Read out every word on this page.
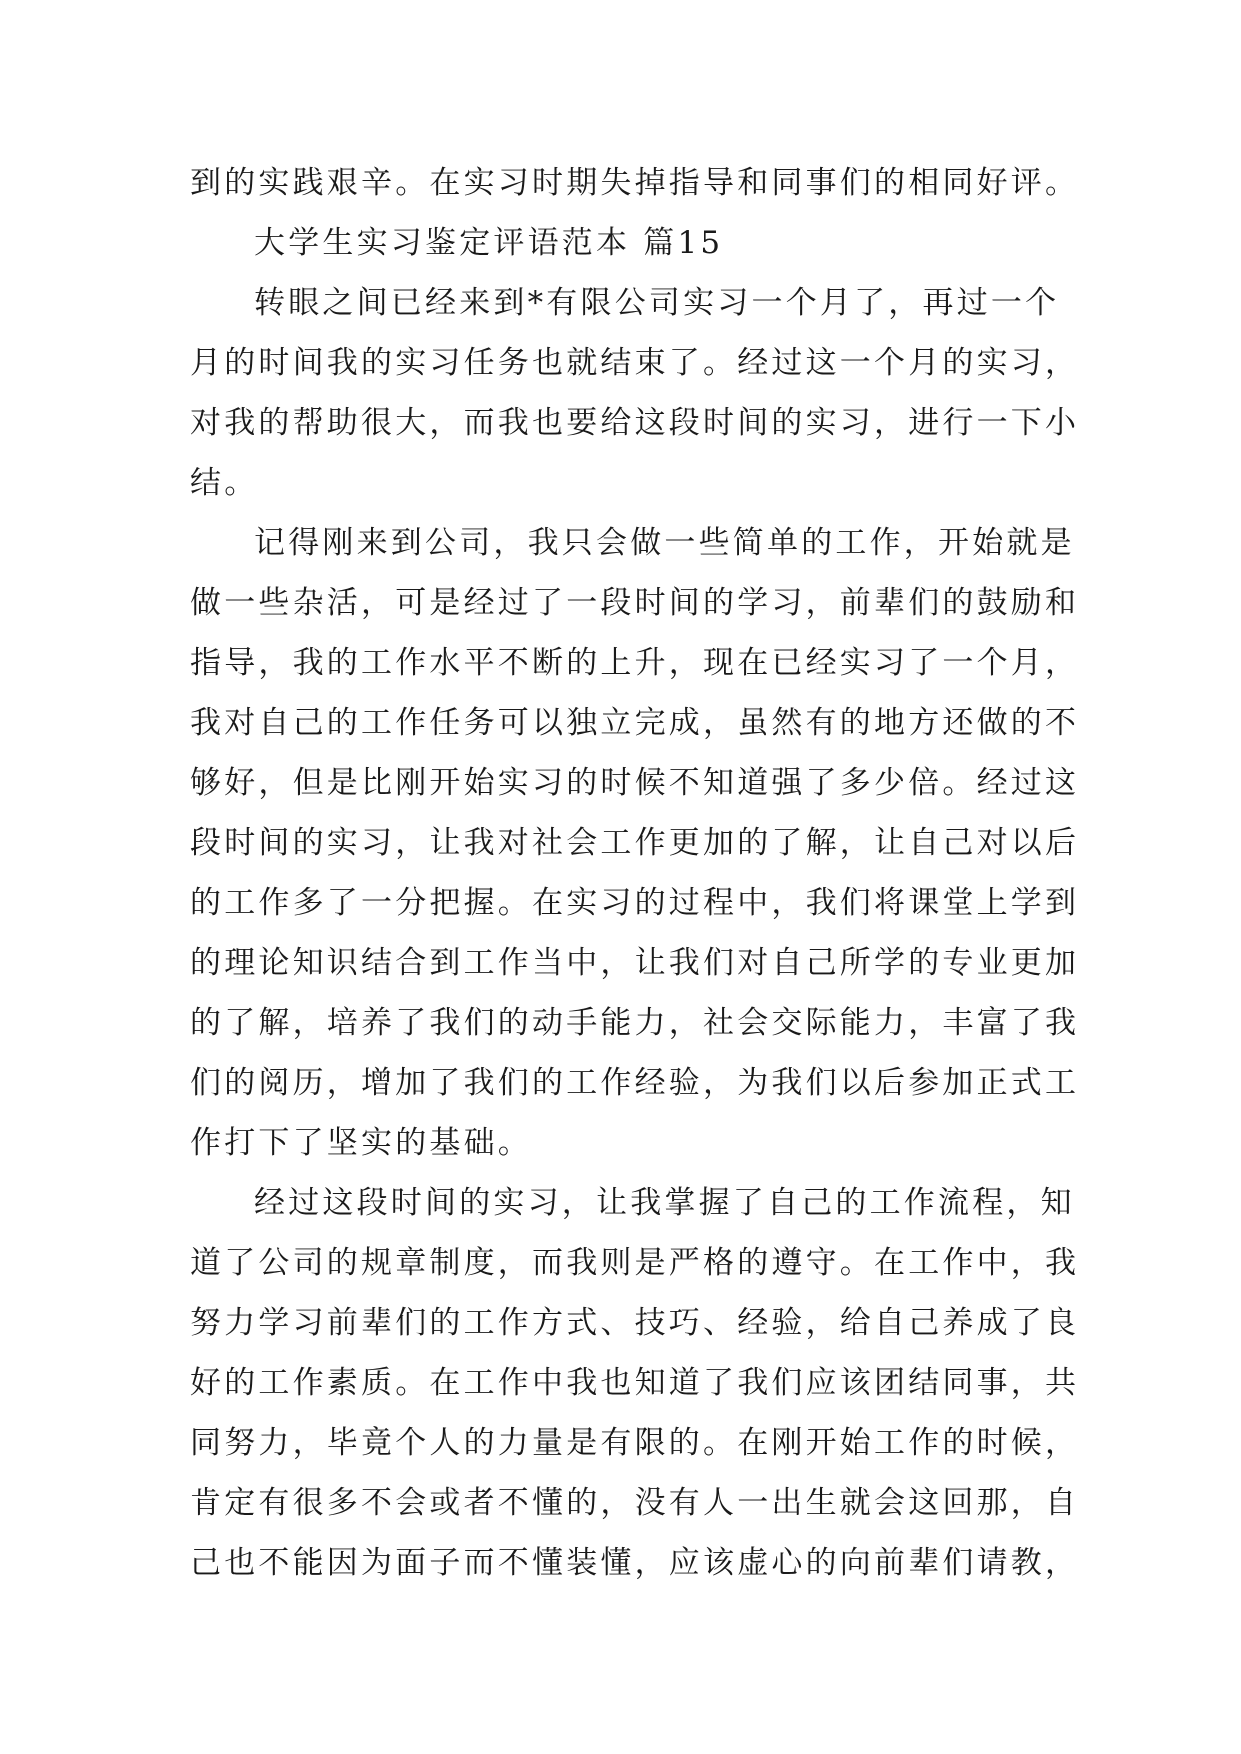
到的实践艰辛。在实习时期失掉指导和同事们的相同好评。
大学生实习鉴定评语范本 篇15
转眼之间已经来到*有限公司实习一个月了，再过一个
月的时间我的实习任务也就结束了。经过这一个月的实习，
对我的帮助很大，而我也要给这段时间的实习，进行一下小
结。
记得刚来到公司，我只会做一些简单的工作，开始就是
做一些杂活，可是经过了一段时间的学习，前辈们的鼓励和
指导，我的工作水平不断的上升，现在已经实习了一个月，
我对自己的工作任务可以独立完成，虽然有的地方还做的不
够好，但是比刚开始实习的时候不知道强了多少倍。经过这
段时间的实习，让我对社会工作更加的了解，让自己对以后
的工作多了一分把握。在实习的过程中，我们将课堂上学到
的理论知识结合到工作当中，让我们对自己所学的专业更加
的了解，培养了我们的动手能力，社会交际能力，丰富了我
们的阅历，增加了我们的工作经验，为我们以后参加正式工
作打下了坚实的基础。
经过这段时间的实习，让我掌握了自己的工作流程，知
道了公司的规章制度，而我则是严格的遵守。在工作中，我
努力学习前辈们的工作方式、技巧、经验，给自己养成了良
好的工作素质。在工作中我也知道了我们应该团结同事，共
同努力，毕竟个人的力量是有限的。在刚开始工作的时候，
肯定有很多不会或者不懂的，没有人一出生就会这回那，自
己也不能因为面子而不懂装懂，应该虚心的向前辈们请教，
